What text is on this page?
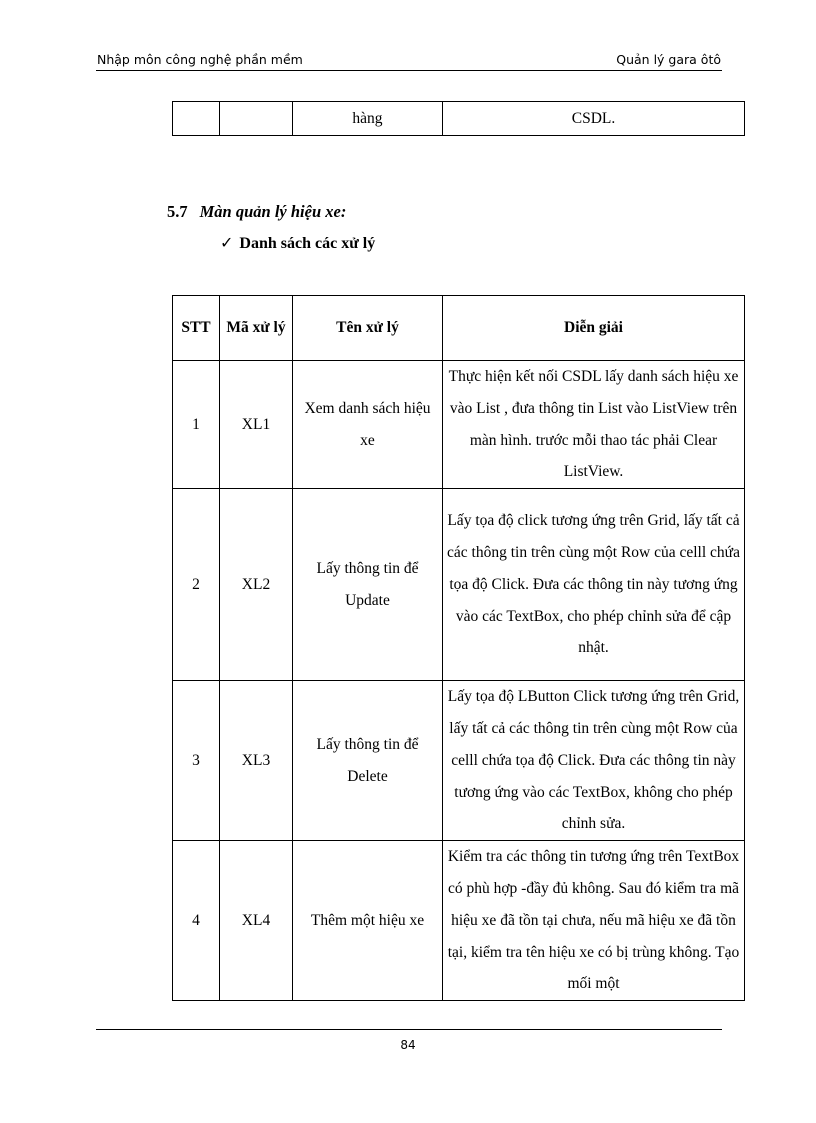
Nhập môn công nghệ phần mềm	Quản lý gara ôtô
		hàng	CSDL.
5.7 Màn quản lý hiệu xe:
✓ Danh sách các xử lý
STT	Mã xử lý	Tên xử lý	Diễn giải
1	XL1	Xem danh sách hiệu xe	Thực hiện kết nối CSDL lấy danh sách hiệu xe vào List , đưa thông tin List vào ListView trên màn hình. trước mỗi thao tác phải Clear ListView.
2	XL2	Lấy thông tin để Update	Lấy tọa độ click tương ứng trên Grid, lấy tất cả các thông tin trên cùng một Row của celll chứa tọa độ Click. Đưa các thông tin này tương ứng vào các TextBox, cho phép chỉnh sửa để cập nhật.
3	XL3	Lấy thông tin để Delete	Lấy tọa độ LButton Click tương ứng trên Grid, lấy tất cả các thông tin trên cùng một Row của celll chứa tọa độ Click. Đưa các thông tin này tương ứng vào các TextBox, không cho phép chỉnh sửa.
4	XL4	Thêm một hiệu xe	Kiểm tra các thông tin tương ứng trên TextBox có phù hợp -đầy đủ không. Sau đó kiểm tra mã hiệu xe đã tồn tại chưa, nếu mã hiệu xe đã tồn tại, kiểm tra tên hiệu xe có bị trùng không. Tạo mối một
84
